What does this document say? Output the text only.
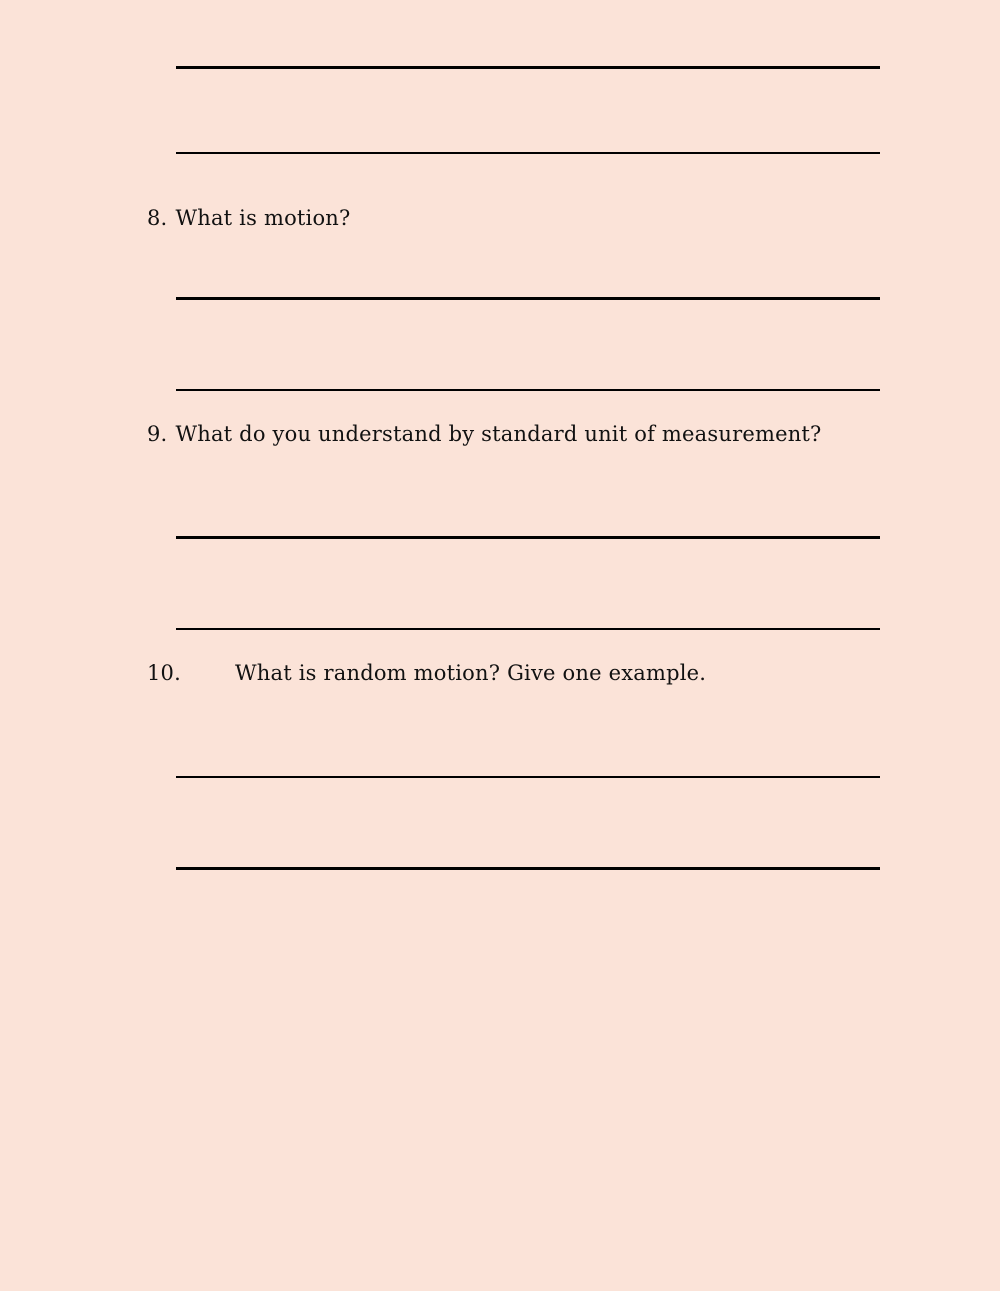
8. What is motion?
9. What do you understand by standard unit of measurement?
10.	What is random motion? Give one example.
